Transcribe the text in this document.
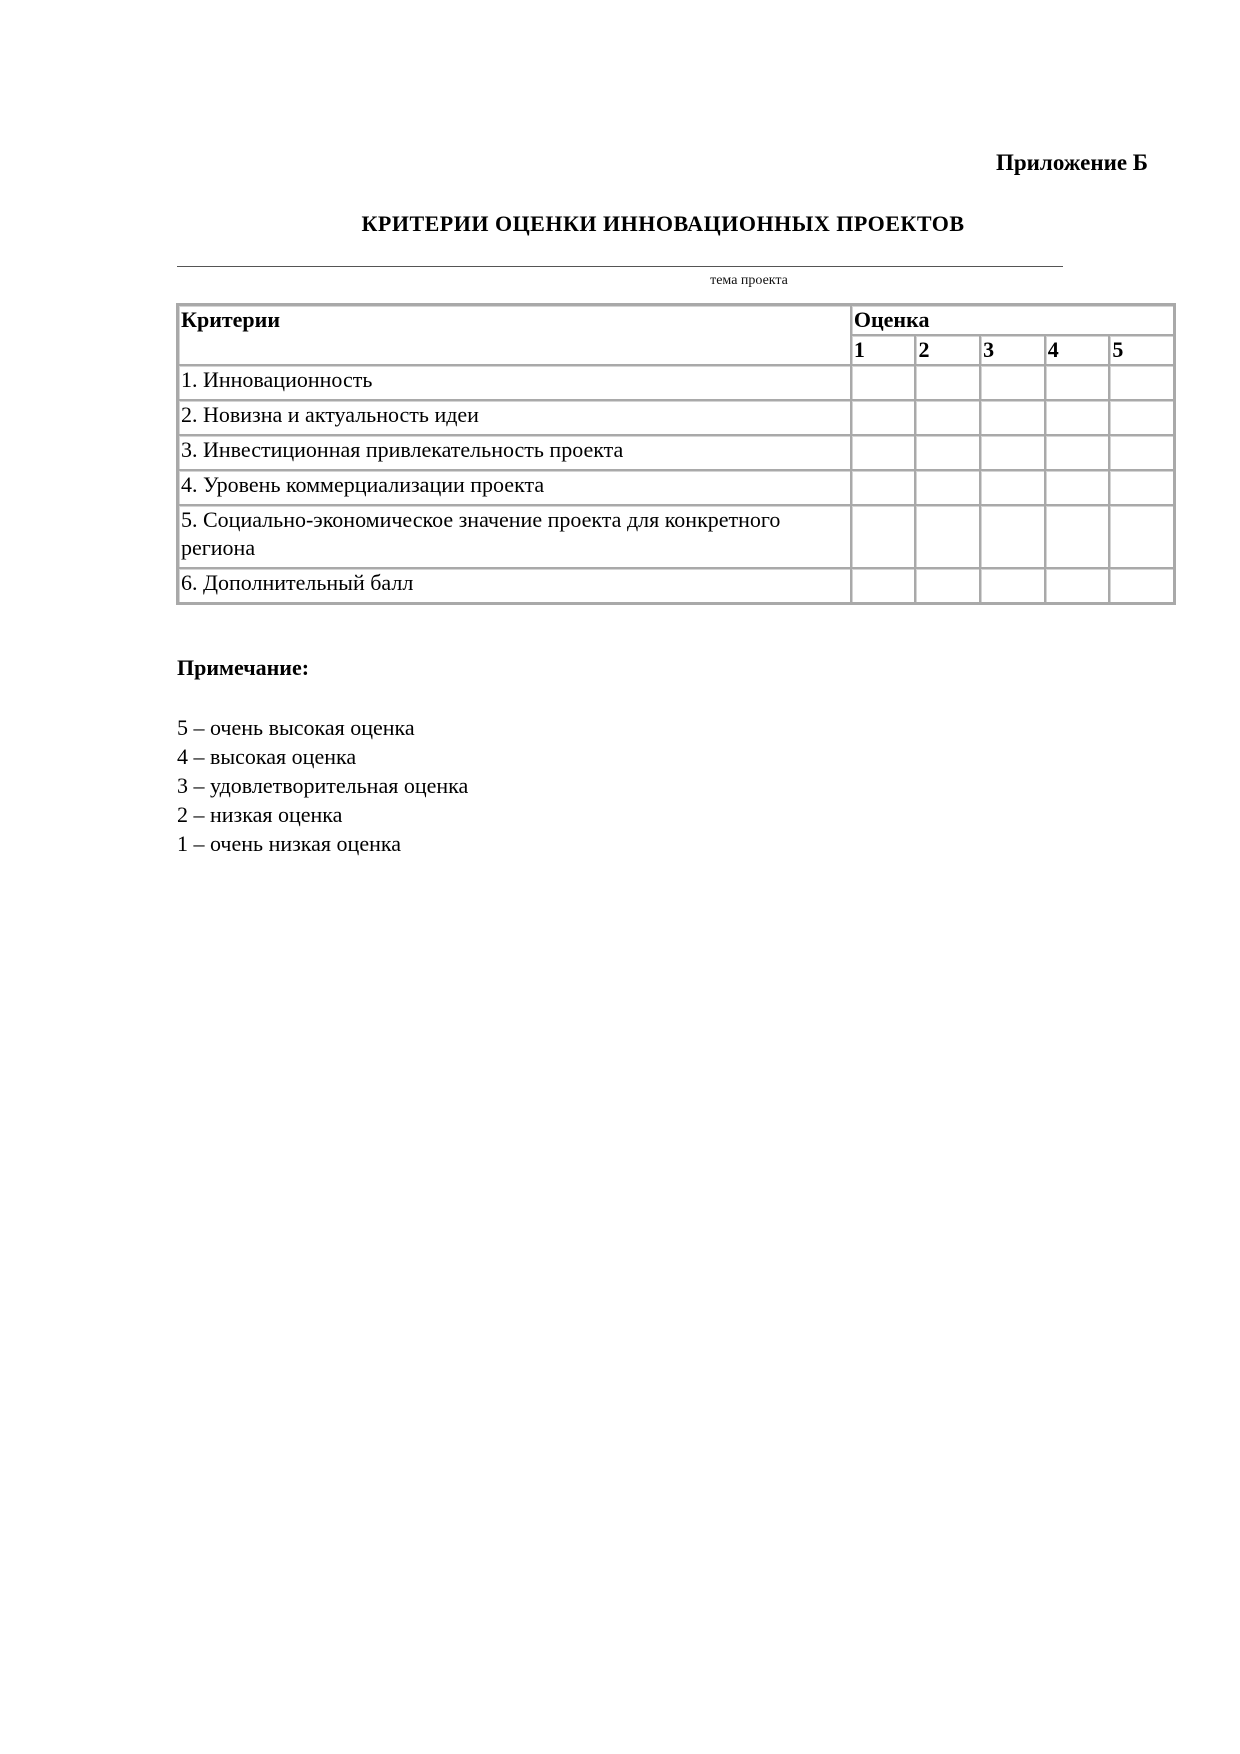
Приложение Б
КРИТЕРИИ ОЦЕНКИ ИННОВАЦИОННЫХ ПРОЕКТОВ
тема проекта
Критерии	Оценка				
	1	2	3	4	5
1. Инновационность					
2. Новизна и актуальность идеи					
3. Инвестиционная привлекательность проекта					
4. Уровень коммерциализации проекта					
5. Социально-экономическое значение проекта для конкретного региона					
6. Дополнительный балл					
Примечание:
5 – очень высокая оценка
4 – высокая оценка
3 – удовлетворительная оценка
2 – низкая оценка
1 – очень низкая оценка
